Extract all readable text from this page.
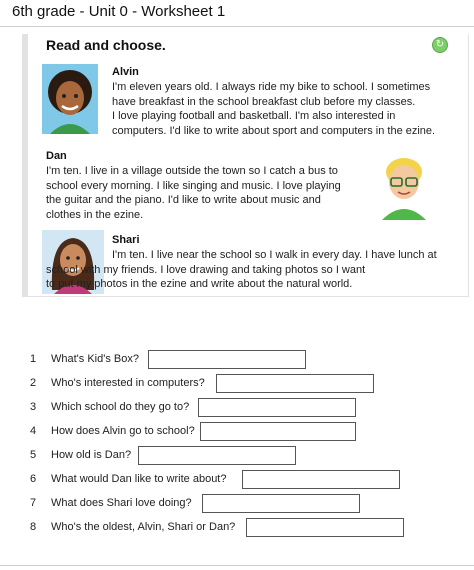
6th grade - Unit 0 - Worksheet 1
Read and choose.	↻
Alvin

I'm eleven years old. I always ride my bike to school. I sometimes
have breakfast in the school breakfast club before my classes.
I love playing football and basketball. I'm also interested in
computers. I'd like to write about sport and computers in the ezine.

Dan

I'm ten. I live in a village outside the town so I catch a bus to
school every morning. I like singing and music. I love playing
the guitar and the piano. I'd like to write about music and
clothes in the ezine.

Shari

I'm ten. I live near the school so I walk in every day. I have lunch at
school with my friends. I love drawing and taking photos so I want
to put my photos in the ezine and write about the natural world.

1	What's Kid's Box?
2	Who's interested in computers?
3	Which school do they go to?
4	How does Alvin go to school?
5	How old is Dan?
6	What would Dan like to write about?
7	What does Shari love doing?
8	Who's the oldest, Alvin, Shari or Dan?
